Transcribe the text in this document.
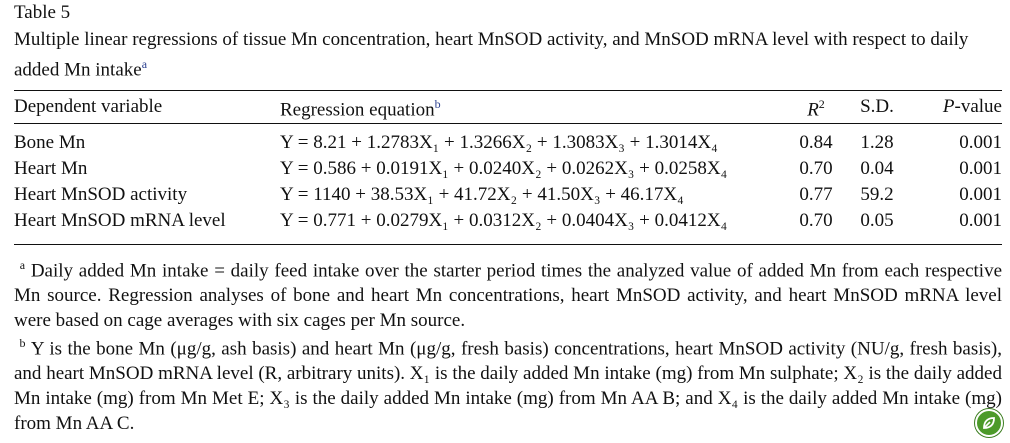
Table 5
Multiple linear regressions of tissue Mn concentration, heart MnSOD activity, and MnSOD mRNA level with respect to daily added Mn intake$^a$
Dependent variable	Regression equation$^b$	$R^2$	S.D.	P-value
Bone Mn	Y = 8.21 + 1.2783X₁ + 1.3266X₂ + 1.3083X₃ + 1.3014X₄	0.84	1.28	0.001
Heart Mn	Y = 0.586 + 0.0191X₁ + 0.0240X₂ + 0.0262X₃ + 0.0258X₄	0.70	0.04	0.001
Heart MnSOD activity	Y = 1140 + 38.53X₁ + 41.72X₂ + 41.50X₃ + 46.17X₄	0.77	59.2	0.001
Heart MnSOD mRNA level	Y = 0.771 + 0.0279X₁ + 0.0312X₂ + 0.0404X₃ + 0.0412X₄	0.70	0.05	0.001
$^a$ Daily added Mn intake = daily feed intake over the starter period times the analyzed value of added Mn from each respective Mn source. Regression analyses of bone and heart Mn concentrations, heart MnSOD activity, and heart MnSOD mRNA level were based on cage averages with six cages per Mn source.
$^b$ Y is the bone Mn (μg/g, ash basis) and heart Mn (μg/g, fresh basis) concentrations, heart MnSOD activity (NU/g, fresh basis), and heart MnSOD mRNA level (R, arbitrary units). X₁ is the daily added Mn intake (mg) from Mn sulphate; X₂ is the daily added Mn intake (mg) from Mn Met E; X₃ is the daily added Mn intake (mg) from Mn AA B; and X₄ is the daily added Mn intake (mg) from Mn AA C.
